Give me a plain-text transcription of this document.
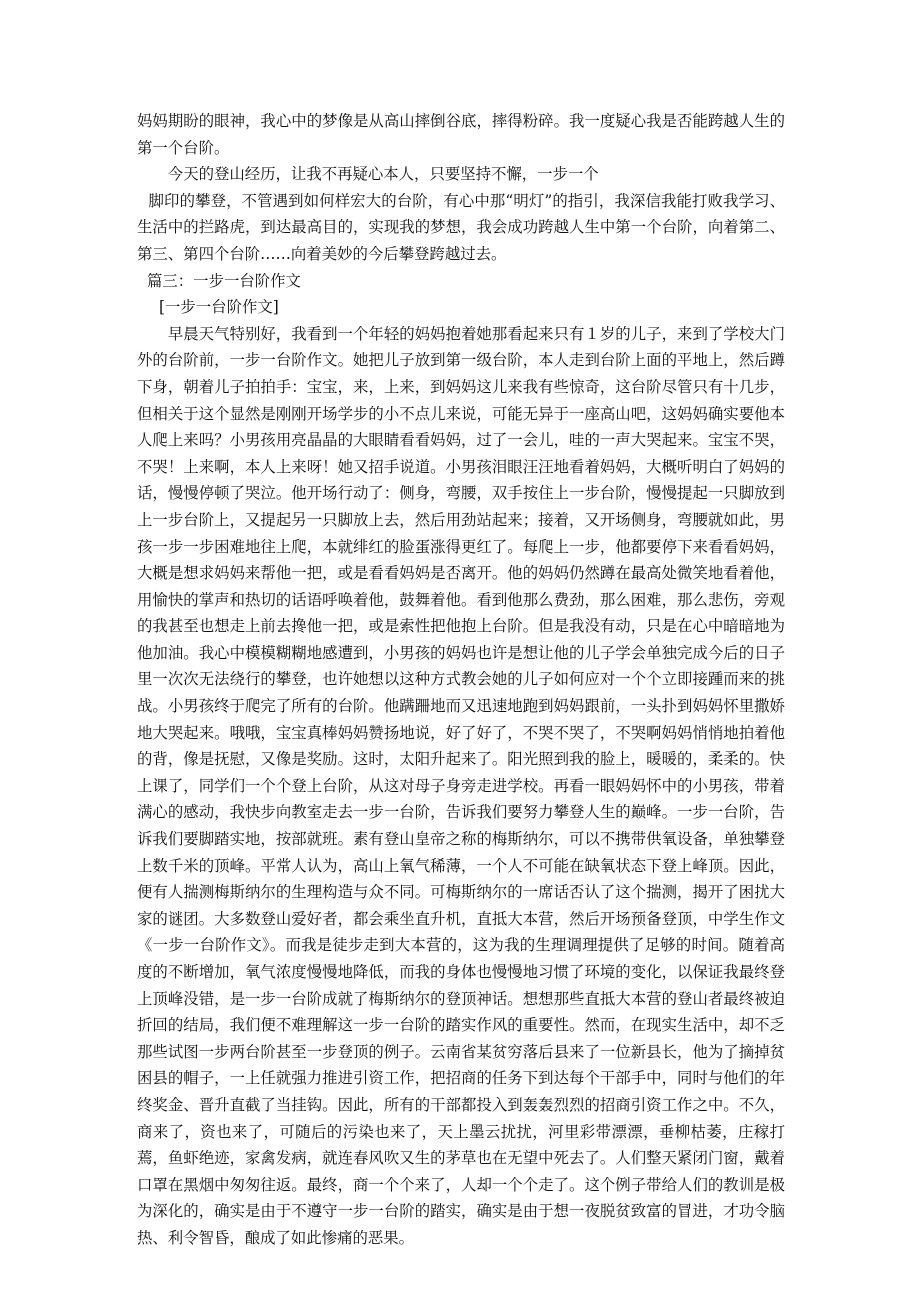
妈妈期盼的眼神，我心中的梦像是从高山摔倒谷底，摔得粉碎。我一度疑心我是否能跨越人生的第一个台阶。

今天的登山经历，让我不再疑心本人，只要坚持不懈，一步一个

脚印的攀登，不管遇到如何样宏大的台阶，有心中那“明灯”的指引，我深信我能打败我学习、生活中的拦路虎，到达最高目的，实现我的梦想，我会成功跨越人生中第一个台阶，向着第二、第三、第四个台阶……向着美妙的今后攀登跨越过去。

篇三：一步一台阶作文

[一步一台阶作文]

早晨天气特别好，我看到一个年轻的妈妈抱着她那看起来只有１岁的儿子，来到了学校大门外的台阶前，一步一台阶作文。她把儿子放到第一级台阶，本人走到台阶上面的平地上，然后蹲下身，朝着儿子拍拍手：宝宝，来，上来，到妈妈这儿来我有些惊奇，这台阶尽管只有十几步，但相关于这个显然是刚刚开场学步的小不点儿来说，可能无异于一座高山吧，这妈妈确实要他本人爬上来吗？小男孩用亮晶晶的大眼睛看看妈妈，过了一会儿，哇的一声大哭起来。宝宝不哭，不哭！上来啊，本人上来呀！她又招手说道。小男孩泪眼汪汪地看着妈妈，大概听明白了妈妈的话，慢慢停顿了哭泣。他开场行动了：侧身，弯腰，双手按住上一步台阶，慢慢提起一只脚放到上一步台阶上，又提起另一只脚放上去，然后用劲站起来；接着，又开场侧身，弯腰就如此，男孩一步一步困难地往上爬，本就绯红的脸蛋涨得更红了。每爬上一步，他都要停下来看看妈妈，大概是想求妈妈来帮他一把，或是看看妈妈是否离开。他的妈妈仍然蹲在最高处微笑地看着他，用愉快的掌声和热切的话语呼唤着他，鼓舞着他。看到他那么费劲，那么困难，那么悲伤，旁观的我甚至也想走上前去搀他一把，或是索性把他抱上台阶。但是我没有动，只是在心中暗暗地为他加油。我心中模模糊糊地感遭到，小男孩的妈妈也许是想让他的儿子学会单独完成今后的日子里一次次无法绕行的攀登，也许她想以这种方式教会她的儿子如何应对一个个立即接踵而来的挑战。小男孩终于爬完了所有的台阶。他蹒跚地而又迅速地跑到妈妈跟前，一头扑到妈妈怀里撒娇地大哭起来。哦哦，宝宝真棒妈妈赞扬地说，好了好了，不哭不哭了，不哭啊妈妈悄悄地拍着他的背，像是抚慰，又像是奖励。这时，太阳升起来了。阳光照到我的脸上，暖暖的，柔柔的。快上课了，同学们一个个登上台阶，从这对母子身旁走进学校。再看一眼妈妈怀中的小男孩，带着满心的感动，我快步向教室走去一步一台阶，告诉我们要努力攀登人生的巅峰。一步一台阶，告诉我们要脚踏实地，按部就班。素有登山皇帝之称的梅斯纳尔，可以不携带供氧设备，单独攀登上数千米的顶峰。平常人认为，高山上氧气稀薄，一个人不可能在缺氧状态下登上峰顶。因此，便有人揣测梅斯纳尔的生理构造与众不同。可梅斯纳尔的一席话否认了这个揣测，揭开了困扰大家的谜团。大多数登山爱好者，都会乘坐直升机，直抵大本营，然后开场预备登顶，中学生作文《一步一台阶作文》。而我是徒步走到大本营的，这为我的生理调理提供了足够的时间。随着高度的不断增加，氧气浓度慢慢地降低，而我的身体也慢慢地习惯了环境的变化，以保证我最终登上顶峰没错，是一步一台阶成就了梅斯纳尔的登顶神话。想想那些直抵大本营的登山者最终被迫折回的结局，我们便不难理解这一步一台阶的踏实作风的重要性。然而，在现实生活中，却不乏那些试图一步两台阶甚至一步登顶的例子。云南省某贫穷落后县来了一位新县长，他为了摘掉贫困县的帽子，一上任就强力推进引资工作，把招商的任务下到达每个干部手中，同时与他们的年终奖金、晋升直截了当挂钩。因此，所有的干部都投入到轰轰烈烈的招商引资工作之中。不久，商来了，资也来了，可随后的污染也来了，天上墨云扰扰，河里彩带漂漂，垂柳枯萎，庄稼打蔫，鱼虾绝迹，家禽发病，就连春风吹又生的茅草也在无望中死去了。人们整天紧闭门窗，戴着口罩在黑烟中匆匆往返。最终，商一个个来了，人却一个个走了。这个例子带给人们的教训是极为深化的，确实是由于不遵守一步一台阶的踏实，确实是由于想一夜脱贫致富的冒进，才功令脑热、利令智昏，酿成了如此惨痛的恶果。
